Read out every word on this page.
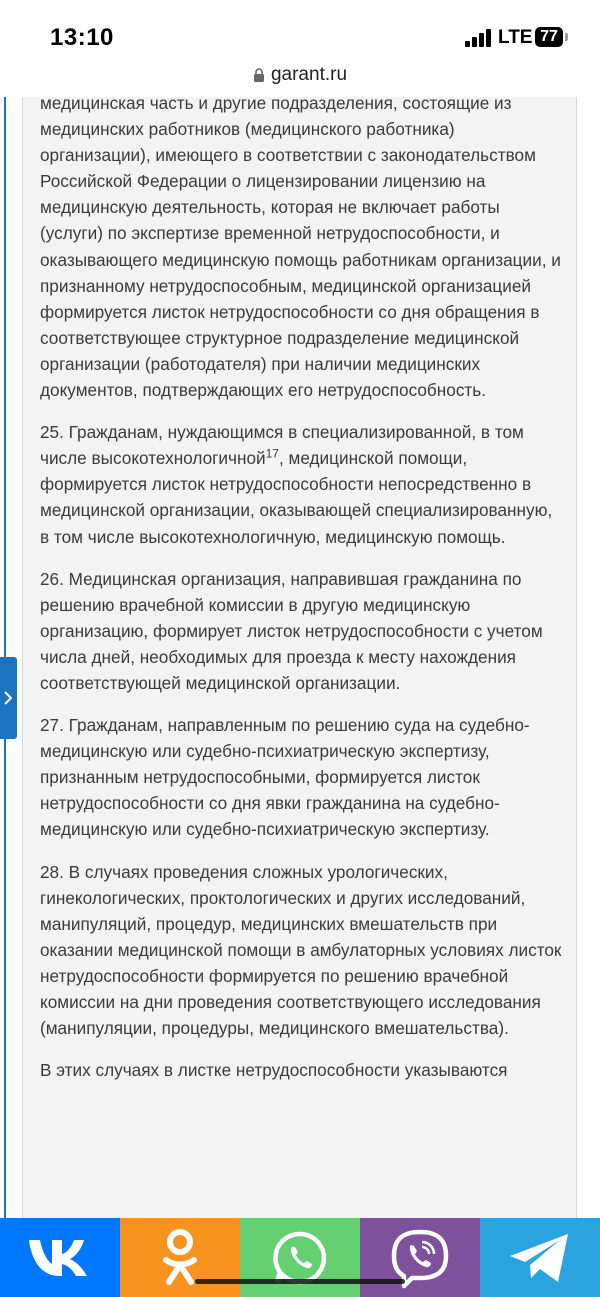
13:10	LTE 77
garant.ru

медицинская часть и другие подразделения, состоящие из медицинских работников (медицинского работника) организации), имеющего в соответствии с законодательством Российской Федерации о лицензировании лицензию на медицинскую деятельность, которая не включает работы (услуги) по экспертизе временной нетрудоспособности, и оказывающего медицинскую помощь работникам организации, и признанному нетрудоспособным, медицинской организацией формируется листок нетрудоспособности со дня обращения в соответствующее структурное подразделение медицинской организации (работодателя) при наличии медицинских документов, подтверждающих его нетрудоспособность.

25. Гражданам, нуждающимся в специализированной, в том числе высокотехнологичной$^{17}$, медицинской помощи, формируется листок нетрудоспособности непосредственно в медицинской организации, оказывающей специализированную, в том числе высокотехнологичную, медицинскую помощь.

26. Медицинская организация, направившая гражданина по решению врачебной комиссии в другую медицинскую организацию, формирует листок нетрудоспособности с учетом числа дней, необходимых для проезда к месту нахождения соответствующей медицинской организации.

27. Гражданам, направленным по решению суда на судебно-медицинскую или судебно-психиатрическую экспертизу, признанным нетрудоспособными, формируется листок нетрудоспособности со дня явки гражданина на судебно-медицинскую или судебно-психиатрическую экспертизу.

28. В случаях проведения сложных урологических, гинекологических, проктологических и других исследований, манипуляций, процедур, медицинских вмешательств при оказании медицинской помощи в амбулаторных условиях листок нетрудоспособности формируется по решению врачебной комиссии на дни проведения соответствующего исследования (манипуляции, процедуры, медицинского вмешательства).

В этих случаях в листке нетрудоспособности указываются
